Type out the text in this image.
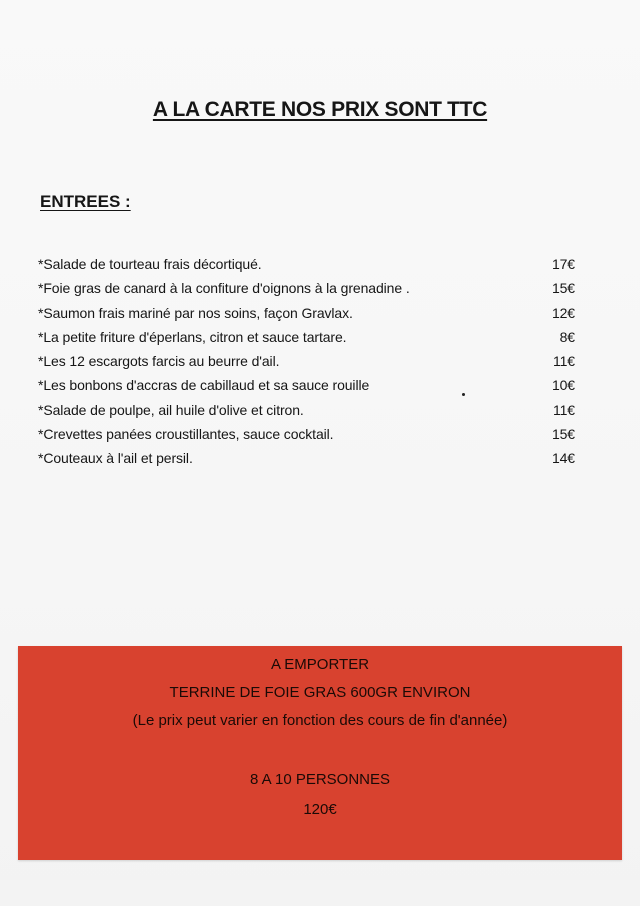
A LA CARTE NOS PRIX SONT TTC
ENTREES :
*Salade de tourteau frais décortiqué.	17€
*Foie gras de canard à la confiture d'oignons à la grenadine .	15€
*Saumon frais mariné par nos soins, façon Gravlax.	12€
*La petite friture d'éperlans, citron et sauce tartare.	8€
*Les 12 escargots farcis au beurre d'ail.	11€
*Les bonbons d'accras de cabillaud et sa sauce rouille	10€
*Salade de poulpe, ail huile d'olive et citron.	11€
*Crevettes panées croustillantes, sauce cocktail.	15€
*Couteaux à l'ail et persil.	14€
A EMPORTER
TERRINE DE FOIE GRAS 600GR ENVIRON
(Le prix peut varier en fonction des cours de fin d'année)
8 A 10 PERSONNES
120€
